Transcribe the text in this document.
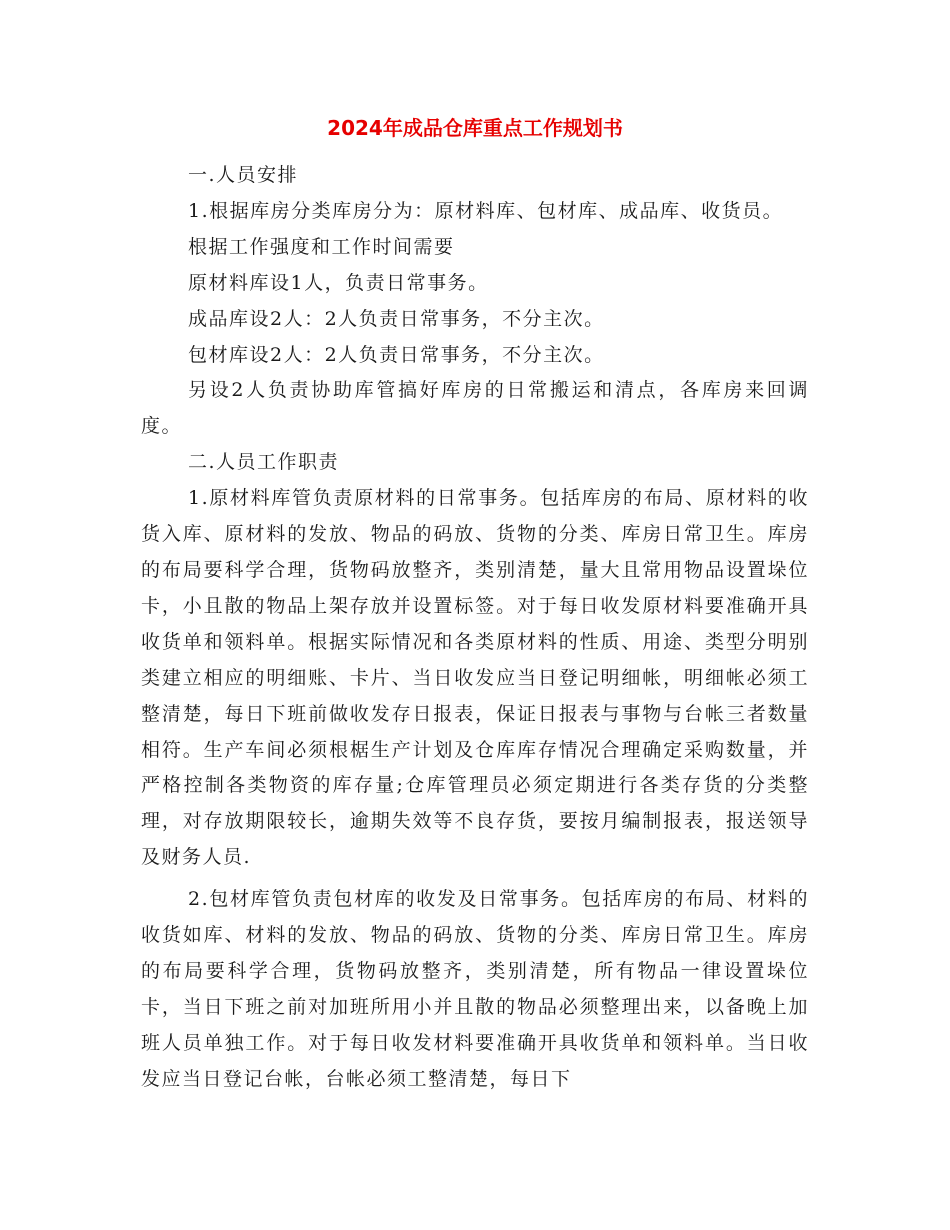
2024年成品仓库重点工作规划书

一.人员安排

1.根据库房分类库房分为：原材料库、包材库、成品库、收货员。

根据工作强度和工作时间需要

原材料库设1人，负责日常事务。

成品库设2人：2人负责日常事务，不分主次。

包材库设2人：2人负责日常事务，不分主次。

另设2人负责协助库管搞好库房的日常搬运和清点，各库房来回调度。

二.人员工作职责

1.原材料库管负责原材料的日常事务。包括库房的布局、原材料的收货入库、原材料的发放、物品的码放、货物的分类、库房日常卫生。库房的布局要科学合理，货物码放整齐，类别清楚，量大且常用物品设置垛位卡，小且散的物品上架存放并设置标签。对于每日收发原材料要准确开具收货单和领料单。根据实际情况和各类原材料的性质、用途、类型分明别类建立相应的明细账、卡片、当日收发应当日登记明细帐，明细帐必须工整清楚，每日下班前做收发存日报表，保证日报表与事物与台帐三者数量相符。生产车间必须根椐生产计划及仓库库存情况合理确定采购数量，并严格控制各类物资的库存量;仓库管理员必须定期进行各类存货的分类整理，对存放期限较长，逾期失效等不良存货，要按月编制报表，报送领导及财务人员.

2.包材库管负责包材库的收发及日常事务。包括库房的布局、材料的收货如库、材料的发放、物品的码放、货物的分类、库房日常卫生。库房的布局要科学合理，货物码放整齐，类别清楚，所有物品一律设置垛位卡，当日下班之前对加班所用小并且散的物品必须整理出来，以备晚上加班人员单独工作。对于每日收发材料要准确开具收货单和领料单。当日收发应当日登记台帐，台帐必须工整清楚，每日下
